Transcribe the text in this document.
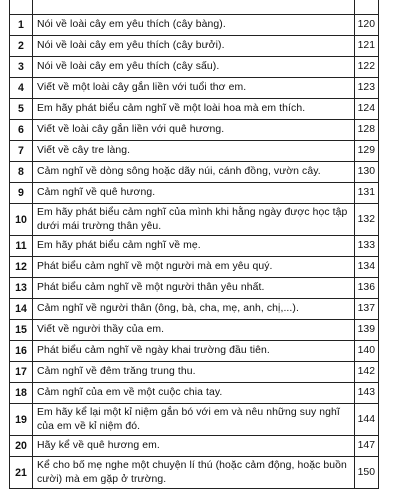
1	Nói về loài cây em yêu thích (cây bàng).	120
2	Nói về loài cây em yêu thích (cây bưởi).	121
3	Nói về loài cây em yêu thích (cây sấu).	122
4	Viết về một loài cây gắn liền với tuổi thơ em.	123
5	Em hãy phát biểu cảm nghĩ về một loài hoa mà em thích.	124
6	Viết về loài cây gắn liền với quê hương.	128
7	Viết về cây tre làng.	129
8	Cảm nghĩ về dòng sông hoặc dãy núi, cánh đồng, vườn cây.	130
9	Cảm nghĩ về quê hương.	131
10	Em hãy phát biểu cảm nghĩ của mình khi hằng ngày được học tập dưới mái trường thân yêu.	132
11	Em hãy phát biểu cảm nghĩ về mẹ.	133
12	Phát biểu cảm nghĩ về một người mà em yêu quý.	134
13	Phát biểu cảm nghĩ về một người thân yêu nhất.	136
14	Cảm nghĩ về người thân (ông, bà, cha, mẹ, anh, chị,...).	137
15	Viết về người thầy của em.	139
16	Phát biểu cảm nghĩ về ngày khai trường đầu tiên.	140
17	Cảm nghĩ về đêm trăng trung thu.	142
18	Cảm nghĩ của em về một cuộc chia tay.	143
19	Em hãy kể lại một kỉ niệm gắn bó với em và nêu những suy nghĩ của em về kỉ niệm đó.	144
20	Hãy kể về quê hương em.	147
21	Kể cho bố mẹ nghe một chuyện lí thú (hoặc cảm động, hoặc buồn cười) mà em gặp ở trường.	150
